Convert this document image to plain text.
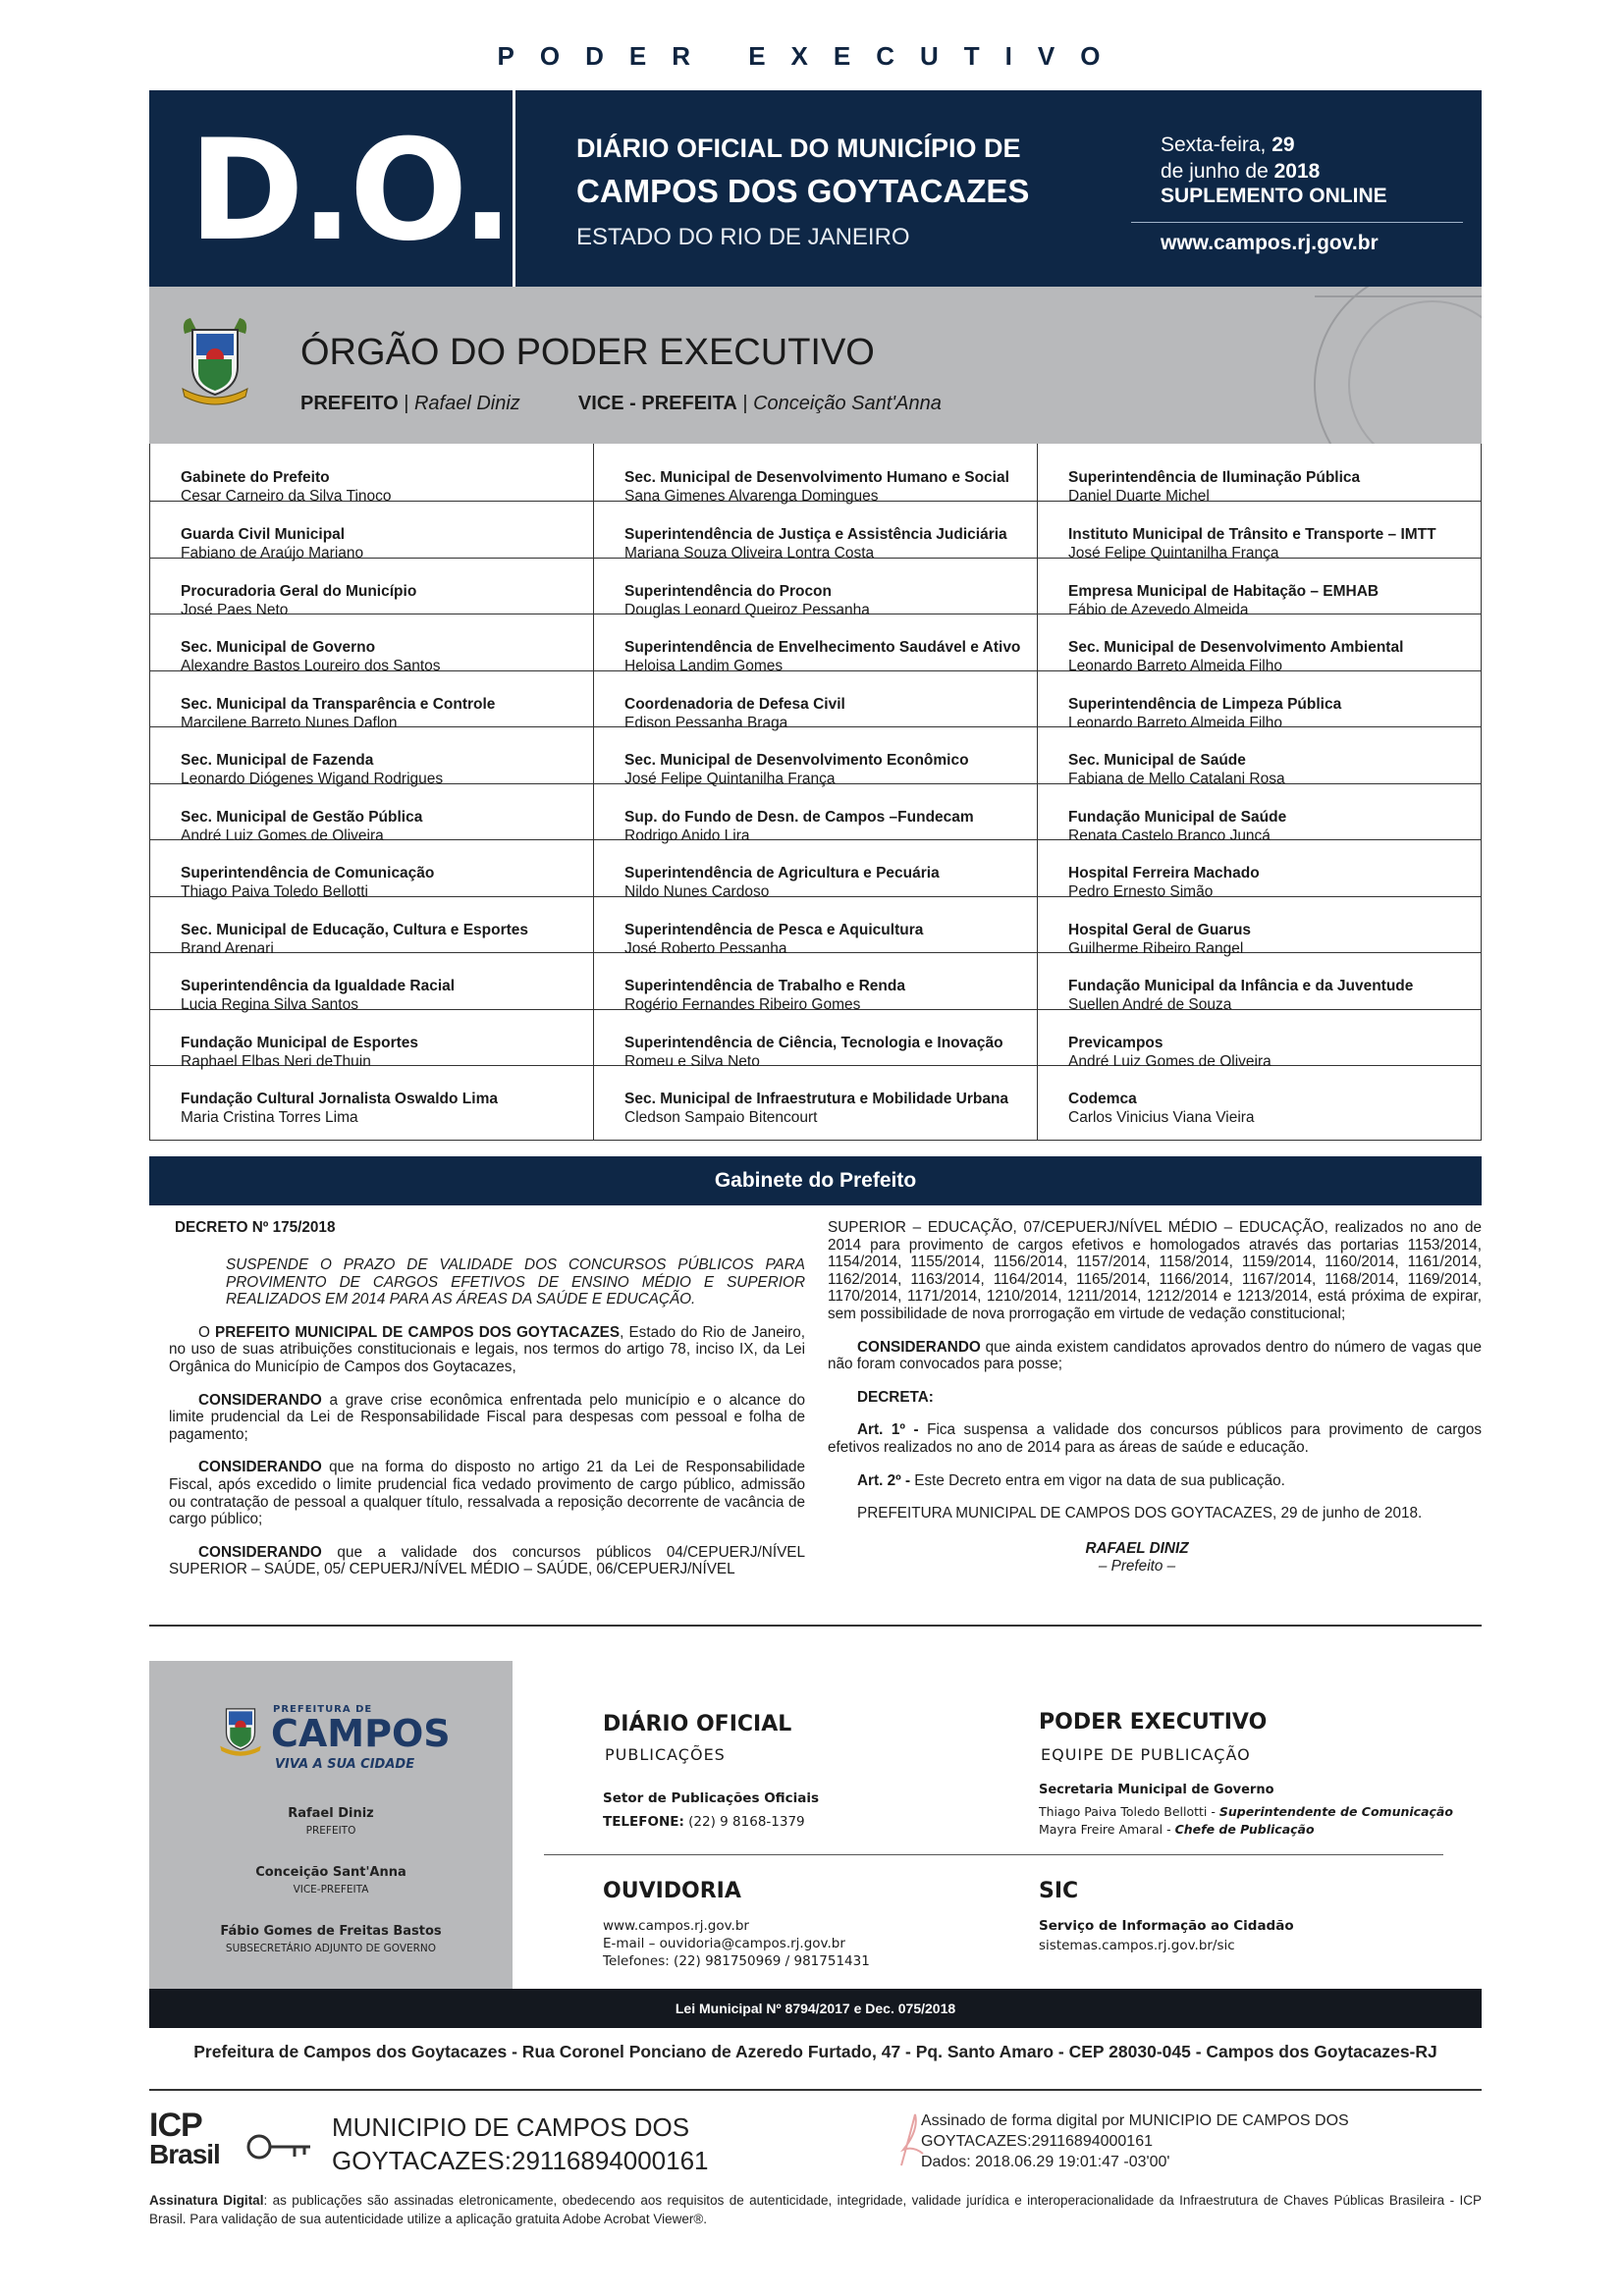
PODER EXECUTIVO
D.O.	DIÁRIO OFICIAL DO MUNICÍPIO DE
CAMPOS DOS GOYTACAZES
ESTADO DO RIO DE JANEIRO
Sexta-feira, 29
de junho de 2018
SUPLEMENTO ONLINE
www.campos.rj.gov.br
ÓRGÃO DO PODER EXECUTIVO
PREFEITO | Rafael Diniz	VICE - PREFEITA | Conceição Sant'Anna
Gabinete do Prefeito
Cesar Carneiro da Silva Tinoco
Guarda Civil Municipal
Fabiano de Araújo Mariano
Procuradoria Geral do Município
José Paes Neto
Sec. Municipal de Governo
Alexandre Bastos Loureiro dos Santos
Sec. Municipal da Transparência e Controle
Marcilene Barreto Nunes Daflon
Sec. Municipal de Fazenda
Leonardo Diógenes Wigand Rodrigues
Sec. Municipal de Gestão Pública
André Luiz Gomes de Oliveira
Superintendência de Comunicação
Thiago Paiva Toledo Bellotti
Sec. Municipal de Educação, Cultura e Esportes
Brand Arenari
Superintendência da Igualdade Racial
Lucia Regina Silva Santos
Fundação Municipal de Esportes
Raphael Elbas Neri deThuin
Fundação Cultural Jornalista Oswaldo Lima
Maria Cristina Torres Lima
Sec. Municipal de Desenvolvimento Humano e Social
Sana Gimenes Alvarenga Domingues
Superintendência de Justiça e Assistência Judiciária
Mariana Souza Oliveira Lontra Costa
Superintendência do Procon
Douglas Leonard Queiroz Pessanha
Superintendência de Envelhecimento Saudável e Ativo
Heloisa Landim Gomes
Coordenadoria de Defesa Civil
Edison Pessanha Braga
Sec. Municipal de Desenvolvimento Econômico
José Felipe Quintanilha França
Sup. do Fundo de Desn. de Campos –Fundecam
Rodrigo Anido Lira
Superintendência de Agricultura e Pecuária
Nildo Nunes Cardoso
Superintendência de Pesca e Aquicultura
José Roberto Pessanha
Superintendência de Trabalho e Renda
Rogério Fernandes Ribeiro Gomes
Superintendência de Ciência, Tecnologia e Inovação
Romeu e Silva Neto
Sec. Municipal de Infraestrutura e Mobilidade Urbana
Cledson Sampaio Bitencourt
Superintendência de Iluminação Pública
Daniel Duarte Michel
Instituto Municipal de Trânsito e Transporte – IMTT
José Felipe Quintanilha França
Empresa Municipal de Habitação – EMHAB
Fábio de Azevedo Almeida
Sec. Municipal de Desenvolvimento Ambiental
Leonardo Barreto Almeida Filho
Superintendência de Limpeza Pública
Leonardo Barreto Almeida Filho
Sec. Municipal de Saúde
Fabiana de Mello Catalani Rosa
Fundação Municipal de Saúde
Renata Castelo Branco Juncá
Hospital Ferreira Machado
Pedro Ernesto Simão
Hospital Geral de Guarus
Guilherme Ribeiro Rangel
Fundação Municipal da Infância e da Juventude
Suellen André de Souza
Previcampos
André Luiz Gomes de Oliveira
Codemca
Carlos Vinicius Viana Vieira
Gabinete do Prefeito
DECRETO Nº 175/2018

SUSPENDE O PRAZO DE VALIDADE DOS CONCURSOS PÚBLICOS PARA PROVIMENTO DE CARGOS EFETIVOS DE ENSINO MÉDIO E SUPERIOR REALIZADOS EM 2014 PARA AS ÁREAS DA SAÚDE E EDUCAÇÃO.

O PREFEITO MUNICIPAL DE CAMPOS DOS GOYTACAZES, Estado do Rio de Janeiro, no uso de suas atribuições constitucionais e legais, nos termos do artigo 78, inciso IX, da Lei Orgânica do Município de Campos dos Goytacazes,

CONSIDERANDO a grave crise econômica enfrentada pelo município e o alcance do limite prudencial da Lei de Responsabilidade Fiscal para despesas com pessoal e folha de pagamento;

CONSIDERANDO que na forma do disposto no artigo 21 da Lei de Responsabilidade Fiscal, após excedido o limite prudencial fica vedado provimento de cargo público, admissão ou contratação de pessoal a qualquer título, ressalvada a reposição decorrente de vacância de cargo público;

CONSIDERANDO que a validade dos concursos públicos 04/CEPUERJ/NÍVEL SUPERIOR – SAÚDE, 05/ CEPUERJ/NÍVEL MÉDIO – SAÚDE, 06/CEPUERJ/NÍVEL

SUPERIOR – EDUCAÇÃO, 07/CEPUERJ/NÍVEL MÉDIO – EDUCAÇÃO, realizados no ano de 2014 para provimento de cargos efetivos e homologados através das portarias 1153/2014, 1154/2014, 1155/2014, 1156/2014, 1157/2014, 1158/2014, 1159/2014, 1160/2014, 1161/2014, 1162/2014, 1163/2014, 1164/2014, 1165/2014, 1166/2014, 1167/2014, 1168/2014, 1169/2014, 1170/2014, 1171/2014, 1210/2014, 1211/2014, 1212/2014 e 1213/2014, está próxima de expirar, sem possibilidade de nova prorrogação em virtude de vedação constitucional;

CONSIDERANDO que ainda existem candidatos aprovados dentro do número de vagas que não foram convocados para posse;

DECRETA:

Art. 1º - Fica suspensa a validade dos concursos públicos para provimento de cargos efetivos realizados no ano de 2014 para as áreas de saúde e educação.

Art. 2º - Este Decreto entra em vigor na data de sua publicação.

PREFEITURA MUNICIPAL DE CAMPOS DOS GOYTACAZES, 29 de junho de 2018.

RAFAEL DINIZ
– Prefeito –
PREFEITURA DE
CAMPOS
VIVA A SUA CIDADE
Rafael Diniz
PREFEITO
Conceição Sant'Anna
VICE-PREFEITA
Fábio Gomes de Freitas Bastos
SUBSECRETÁRIO ADJUNTO DE GOVERNO
DIÁRIO OFICIAL
PUBLICAÇÕES
Setor de Publicações Oficiais
TELEFONE: (22) 9 8168-1379
PODER EXECUTIVO
EQUIPE DE PUBLICAÇÃO
Secretaria Municipal de Governo
Thiago Paiva Toledo Bellotti - Superintendente de Comunicação
Mayra Freire Amaral - Chefe de Publicação
OUVIDORIA
www.campos.rj.gov.br
E-mail – ouvidoria@campos.rj.gov.br
Telefones: (22) 981750969 / 981751431
SIC
Serviço de Informação ao Cidadão
sistemas.campos.rj.gov.br/sic
Lei Municipal Nº 8794/2017 e Dec. 075/2018
Prefeitura de Campos dos Goytacazes - Rua Coronel Ponciano de Azeredo Furtado, 47 - Pq. Santo Amaro - CEP 28030-045 - Campos dos Goytacazes-RJ
ICP
Brasil
MUNICIPIO DE CAMPOS DOS
GOYTACAZES:29116894000161
Assinado de forma digital por MUNICIPIO DE CAMPOS DOS
GOYTACAZES:29116894000161
Dados: 2018.06.29 19:01:47 -03'00'
Assinatura Digital: as publicações são assinadas eletronicamente, obedecendo aos requisitos de autenticidade, integridade, validade jurídica e interoperacionalidade da Infraestrutura de Chaves Públicas Brasileira - ICP Brasil. Para validação de sua autenticidade utilize a aplicação gratuita Adobe Acrobat Viewer®.
